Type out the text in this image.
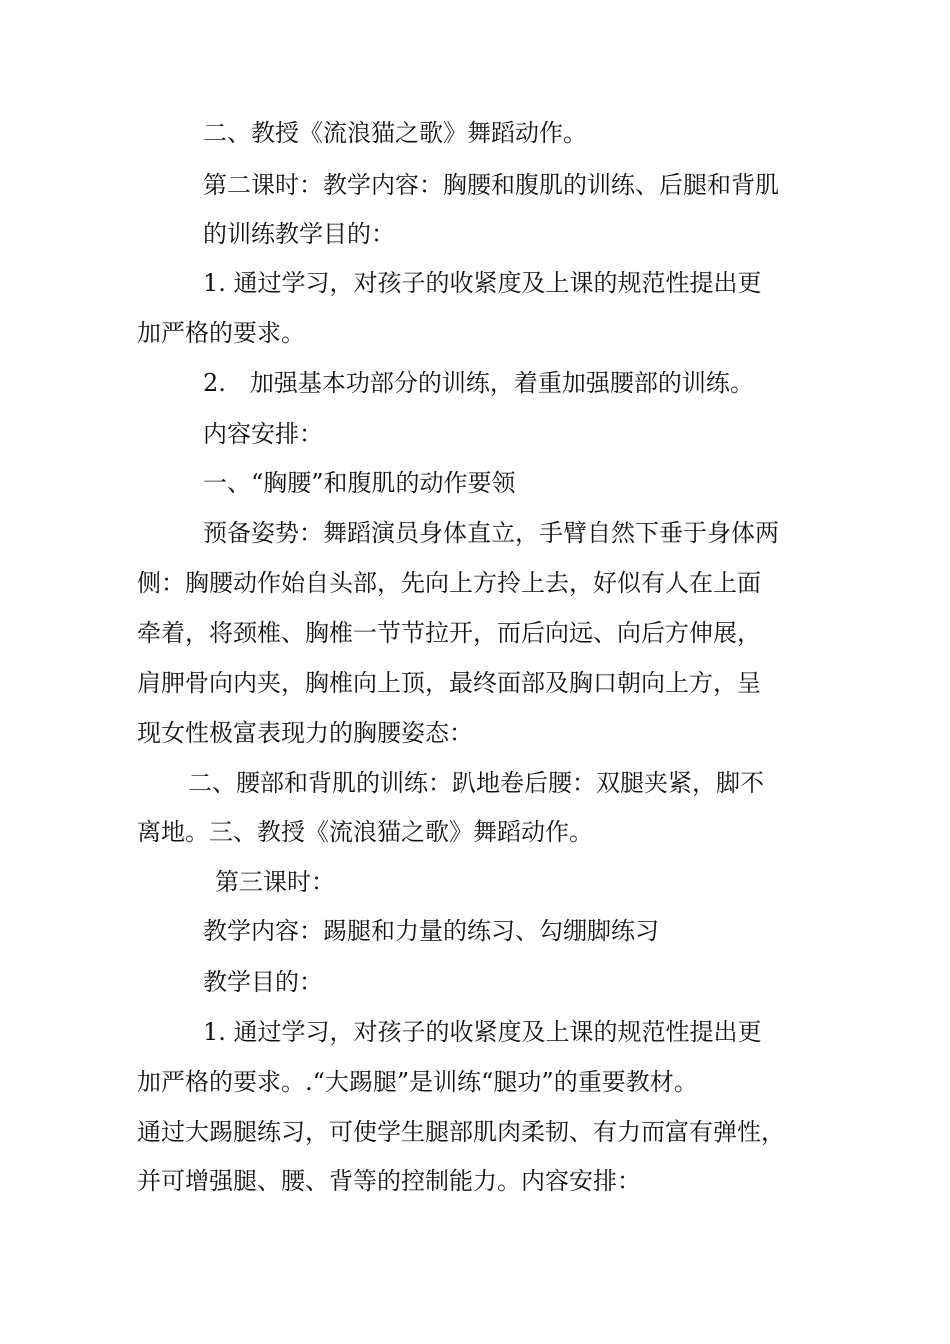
二、教授《流浪猫之歌》舞蹈动作。

第二课时：教学内容：胸腰和腹肌的训练、后腿和背肌

的训练教学目的：

1. 通过学习，对孩子的收紧度及上课的规范性提出更

加严格的要求。

2.　加强基本功部分的训练，着重加强腰部的训练。

内容安排：

一、“胸腰”和腹肌的动作要领

预备姿势：舞蹈演员身体直立，手臂自然下垂于身体两

侧：胸腰动作始自头部，先向上方拎上去，好似有人在上面

牵着，将颈椎、胸椎一节节拉开，而后向远、向后方伸展，

肩胛骨向内夹，胸椎向上顶，最终面部及胸口朝向上方，呈

现女性极富表现力的胸腰姿态：

二、腰部和背肌的训练：趴地卷后腰：双腿夹紧，脚不

离地。三、教授《流浪猫之歌》舞蹈动作。

第三课时：

教学内容：踢腿和力量的练习、勾绷脚练习

教学目的：

1. 通过学习，对孩子的收紧度及上课的规范性提出更

加严格的要求。.“大踢腿”是训练“腿功”的重要教材。

通过大踢腿练习，可使学生腿部肌肉柔韧、有力而富有弹性，

并可增强腿、腰、背等的控制能力。内容安排：
